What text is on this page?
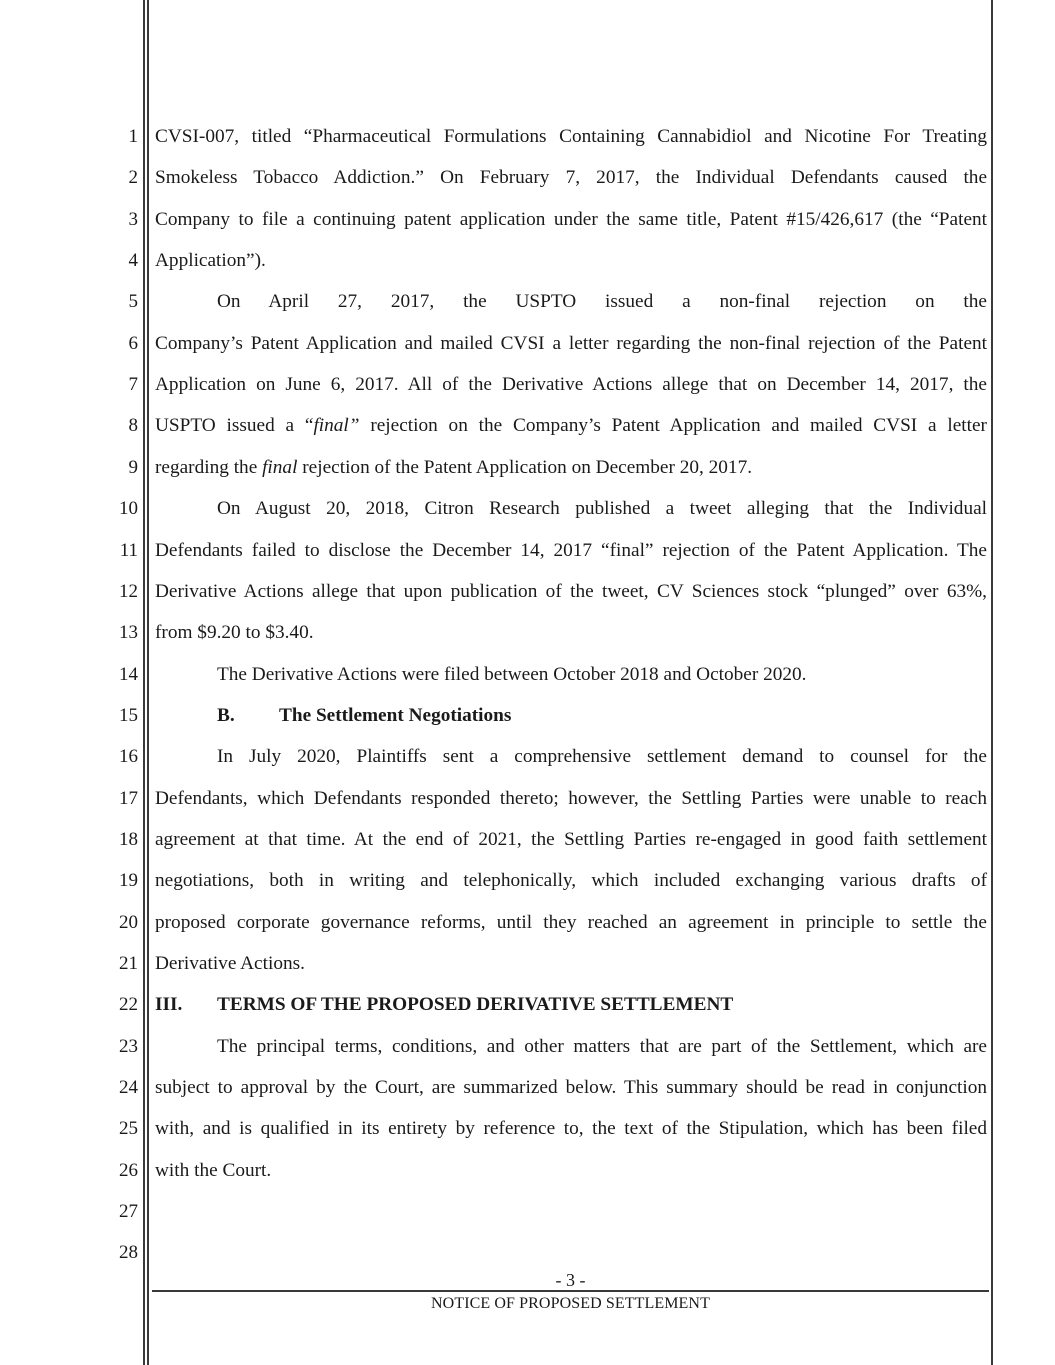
1
2
3
4
5
6
7
8
9
10
11
12
13
14
15
16
17
18
19
20
21
22
23
24
25
26
27
28
CVSI-007, titled “Pharmaceutical Formulations Containing Cannabidiol and Nicotine For Treating
Smokeless Tobacco Addiction.” On February 7, 2017, the Individual Defendants caused the
Company to file a continuing patent application under the same title, Patent #15/426,617 (the “Patent
Application”).
On April 27, 2017, the USPTO issued a non-final rejection on the
Company’s Patent Application and mailed CVSI a letter regarding the non-final rejection of the Patent
Application on June 6, 2017. All of the Derivative Actions allege that on December 14, 2017, the
USPTO issued a “final” rejection on the Company’s Patent Application and mailed CVSI a letter
regarding the final rejection of the Patent Application on December 20, 2017.
On August 20, 2018, Citron Research published a tweet alleging that the Individual
Defendants failed to disclose the December 14, 2017 “final” rejection of the Patent Application. The
Derivative Actions allege that upon publication of the tweet, CV Sciences stock “plunged” over 63%,
from $9.20 to $3.40.
The Derivative Actions were filed between October 2018 and October 2020.
B. The Settlement Negotiations
In July 2020, Plaintiffs sent a comprehensive settlement demand to counsel for the
Defendants, which Defendants responded thereto; however, the Settling Parties were unable to reach
agreement at that time. At the end of 2021, the Settling Parties re-engaged in good faith settlement
negotiations, both in writing and telephonically, which included exchanging various drafts of
proposed corporate governance reforms, until they reached an agreement in principle to settle the
Derivative Actions.
III. TERMS OF THE PROPOSED DERIVATIVE SETTLEMENT
The principal terms, conditions, and other matters that are part of the Settlement, which are
subject to approval by the Court, are summarized below. This summary should be read in conjunction
with, and is qualified in its entirety by reference to, the text of the Stipulation, which has been filed
with the Court.
- 3 -
NOTICE OF PROPOSED SETTLEMENT
